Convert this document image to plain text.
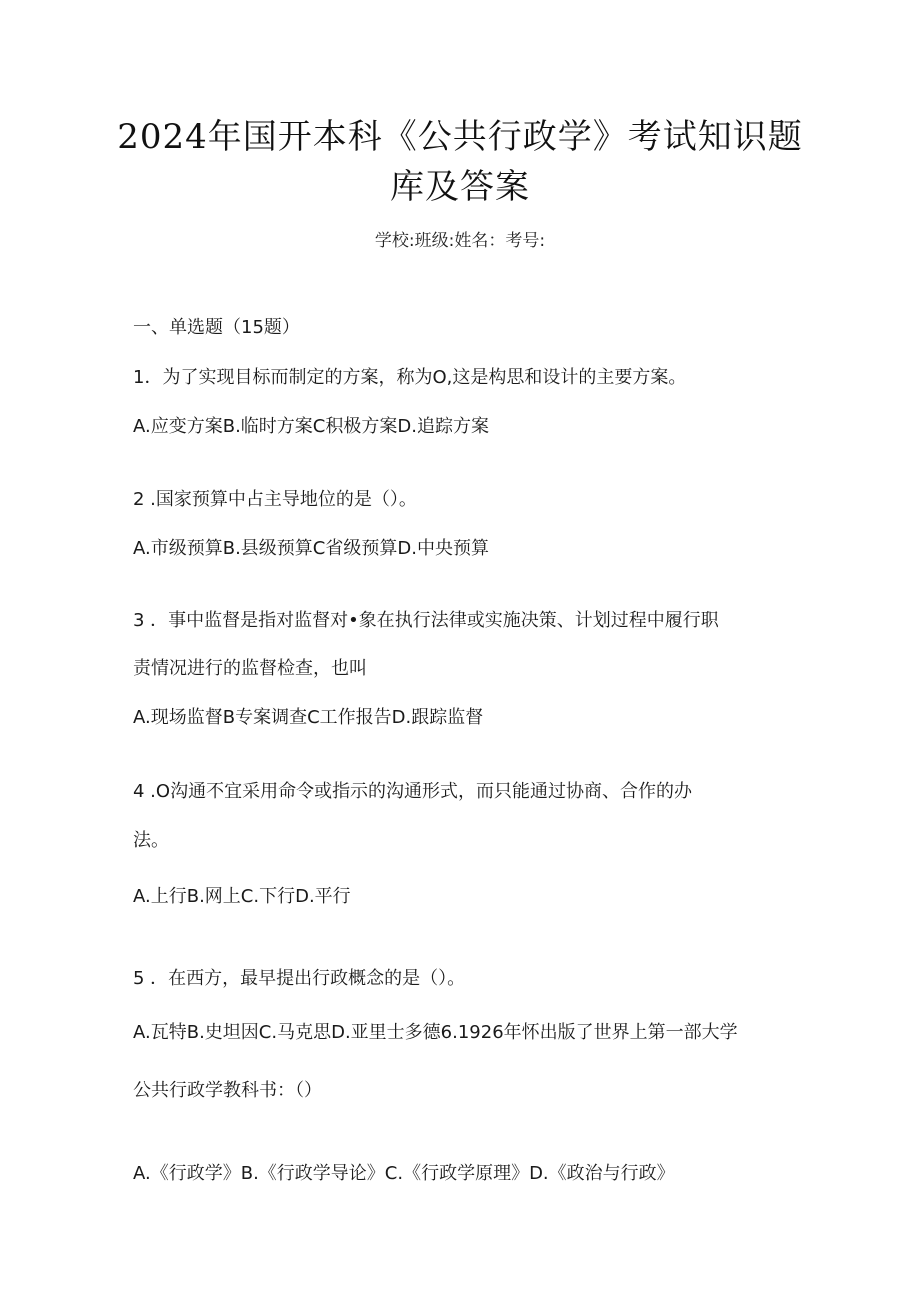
2024年国开本科《公共行政学》考试知识题
库及答案
学校:班级:姓名：考号:
一、单选题（15题）
1．为了实现目标而制定的方案，称为O,这是构思和设计的主要方案。
A.应变方案B.临时方案C积极方案D.追踪方案
2 .国家预算中占主导地位的是（）。
A.市级预算B.县级预算C省级预算D.中央预算
3 ．事中监督是指对监督对•象在执行法律或实施决策、计划过程中履行职
责情况进行的监督检查，也叫
A.现场监督B专案调查C工作报告D.跟踪监督
4 .O沟通不宜采用命令或指示的沟通形式，而只能通过协商、合作的办
法。
A.上行B.网上C.下行D.平行
5 ．在西方，最早提出行政概念的是（）。
A.瓦特B.史坦因C.马克思D.亚里士多德6.1926年怀出版了世界上第一部大学
公共行政学教科书：（）
A.《行政学》B.《行政学导论》C.《行政学原理》D.《政治与行政》
